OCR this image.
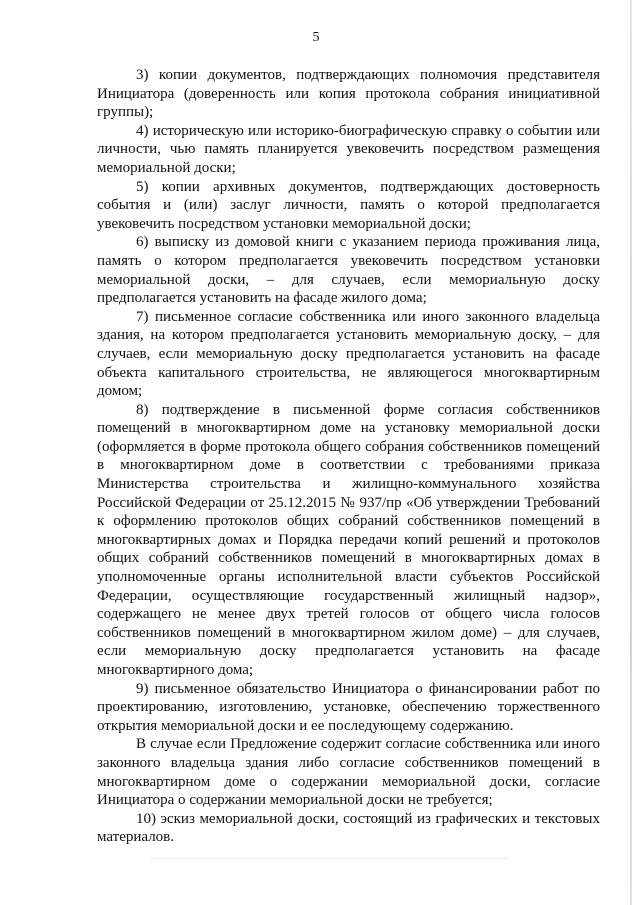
5

3) копии документов, подтверждающих полномочия представителя Инициатора (доверенность или копия протокола собрания инициативной группы);

4) историческую или историко-биографическую справку о событии или личности, чью память планируется увековечить посредством размещения мемориальной доски;

5) копии архивных документов, подтверждающих достоверность события и (или) заслуг личности, память о которой предполагается увековечить посредством установки мемориальной доски;

6) выписку из домовой книги с указанием периода проживания лица, память о котором предполагается увековечить посредством установки мемориальной доски, – для случаев, если мемориальную доску предполагается установить на фасаде жилого дома;

7) письменное согласие собственника или иного законного владельца здания, на котором предполагается установить мемориальную доску, – для случаев, если мемориальную доску предполагается установить на фасаде объекта капитального строительства, не являющегося многоквартирным домом;

8) подтверждение в письменной форме согласия собственников помещений в многоквартирном доме на установку мемориальной доски (оформляется в форме протокола общего собрания собственников помещений в многоквартирном доме в соответствии с требованиями приказа Министерства строительства и жилищно-коммунального хозяйства Российской Федерации от 25.12.2015 № 937/пр «Об утверждении Требований к оформлению протоколов общих собраний собственников помещений в многоквартирных домах и Порядка передачи копий решений и протоколов общих собраний собственников помещений в многоквартирных домах в уполномоченные органы исполнительной власти субъектов Российской Федерации, осуществляющие государственный жилищный надзор», содержащего не менее двух третей голосов от общего числа голосов собственников помещений в многоквартирном жилом доме) – для случаев, если мемориальную доску предполагается установить на фасаде многоквартирного дома;

9) письменное обязательство Инициатора о финансировании работ по проектированию, изготовлению, установке, обеспечению торжественного открытия мемориальной доски и ее последующему содержанию.

В случае если Предложение содержит согласие собственника или иного законного владельца здания либо согласие собственников помещений в многоквартирном доме о содержании мемориальной доски, согласие Инициатора о содержании мемориальной доски не требуется;

10) эскиз мемориальной доски, состоящий из графических и текстовых материалов.
